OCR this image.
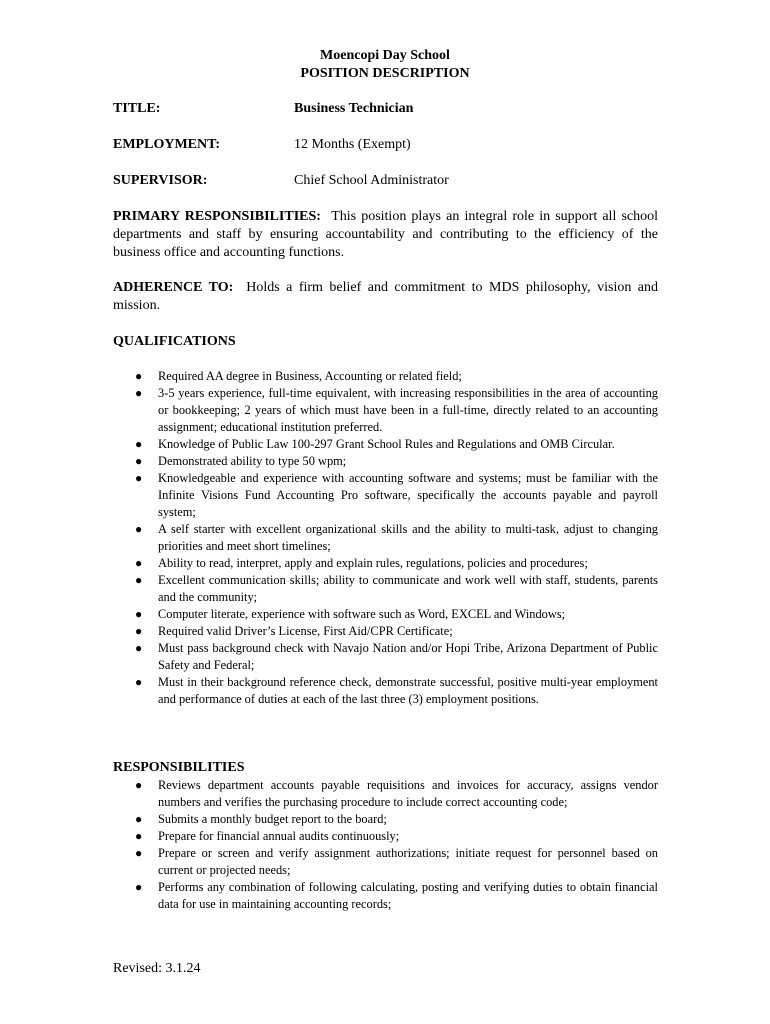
Moencopi Day School
POSITION DESCRIPTION
TITLE:	Business Technician
EMPLOYMENT:	12 Months (Exempt)
SUPERVISOR:	Chief School Administrator
PRIMARY RESPONSIBILITIES: This position plays an integral role in support all school departments and staff by ensuring accountability and contributing to the efficiency of the business office and accounting functions.
ADHERENCE TO: Holds a firm belief and commitment to MDS philosophy, vision and mission.
QUALIFICATIONS
● Required AA degree in Business, Accounting or related field;
● 3-5 years experience, full-time equivalent, with increasing responsibilities in the area of accounting or bookkeeping; 2 years of which must have been in a full-time, directly related to an accounting assignment; educational institution preferred.
● Knowledge of Public Law 100-297 Grant School Rules and Regulations and OMB Circular.
● Demonstrated ability to type 50 wpm;
● Knowledgeable and experience with accounting software and systems; must be familiar with the Infinite Visions Fund Accounting Pro software, specifically the accounts payable and payroll system;
● A self starter with excellent organizational skills and the ability to multi-task, adjust to changing priorities and meet short timelines;
● Ability to read, interpret, apply and explain rules, regulations, policies and procedures;
● Excellent communication skills; ability to communicate and work well with staff, students, parents and the community;
● Computer literate, experience with software such as Word, EXCEL and Windows;
● Required valid Driver’s License, First Aid/CPR Certificate;
● Must pass background check with Navajo Nation and/or Hopi Tribe, Arizona Department of Public Safety and Federal;
● Must in their background reference check, demonstrate successful, positive multi-year employment and performance of duties at each of the last three (3) employment positions.
RESPONSIBILITIES
● Reviews department accounts payable requisitions and invoices for accuracy, assigns vendor numbers and verifies the purchasing procedure to include correct accounting code;
● Submits a monthly budget report to the board;
● Prepare for financial annual audits continuously;
● Prepare or screen and verify assignment authorizations; initiate request for personnel based on current or projected needs;
● Performs any combination of following calculating, posting and verifying duties to obtain financial data for use in maintaining accounting records;
Revised: 3.1.24
